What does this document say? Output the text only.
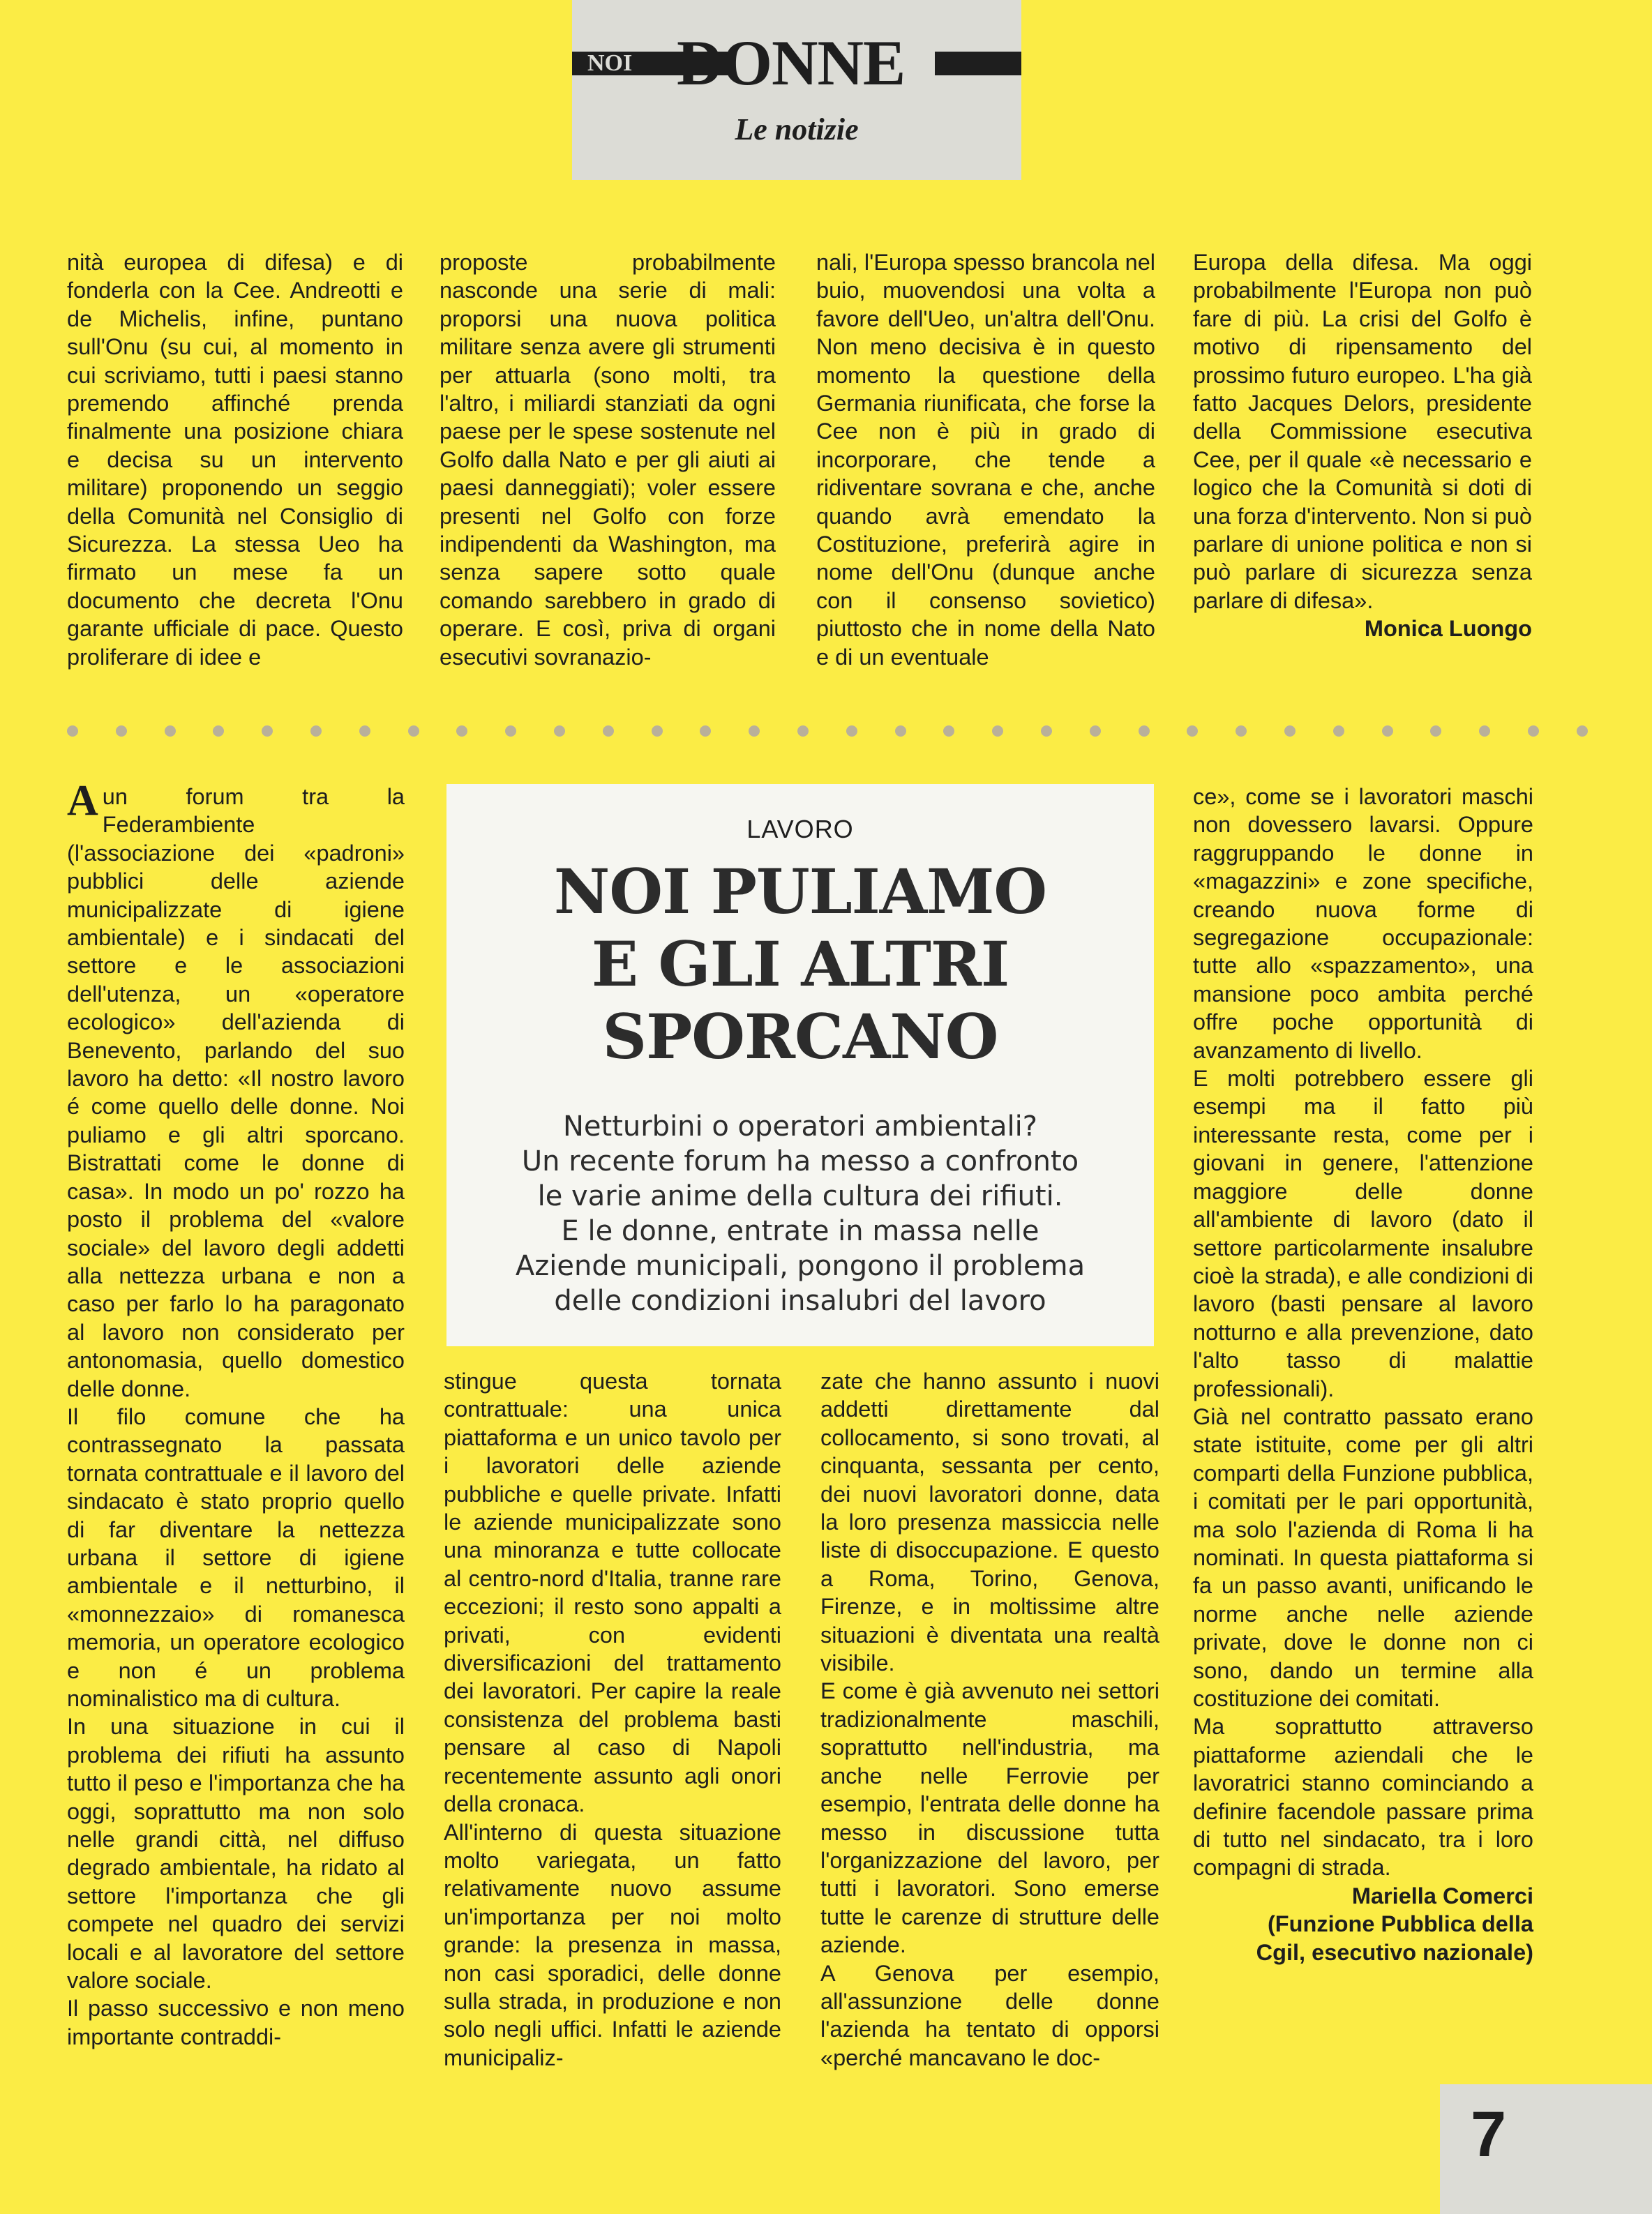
NOI DONNE
Le notizie
nità europea di difesa) e di fonderla con la Cee. Andreotti e de Michelis, infine, puntano sull'Onu (su cui, al momento in cui scriviamo, tutti i paesi stanno premendo affinché prenda finalmente una posizione chiara e decisa su un intervento militare) proponendo un seggio della Comunità nel Consiglio di Sicurezza. La stessa Ueo ha firmato un mese fa un documento che decreta l'Onu garante ufficiale di pace. Questo proliferare di idee e
proposte probabilmente nasconde una serie di mali: proporsi una nuova politica militare senza avere gli strumenti per attuarla (sono molti, tra l'altro, i miliardi stanziati da ogni paese per le spese sostenute nel Golfo dalla Nato e per gli aiuti ai paesi danneggiati); voler essere presenti nel Golfo con forze indipendenti da Washington, ma senza sapere sotto quale comando sarebbero in grado di operare. E così, priva di organi esecutivi sovranazio-
nali, l'Europa spesso brancola nel buio, muovendosi una volta a favore dell'Ueo, un'altra dell'Onu. Non meno decisiva è in questo momento la questione della Germania riunificata, che forse la Cee non è più in grado di incorporare, che tende a ridiventare sovrana e che, anche quando avrà emendato la Costituzione, preferirà agire in nome dell'Onu (dunque anche con il consenso sovietico) piuttosto che in nome della Nato e di un eventuale

Europa della difesa. Ma oggi probabilmente l'Europa non può fare di più. La crisi del Golfo è motivo di ripensamento del prossimo futuro europeo. L'ha già fatto Jacques Delors, presidente della Commissione esecutiva Cee, per il quale «è necessario e logico che la Comunità si doti di una forza d'intervento. Non si può parlare di unione politica e non si può parlare di sicurezza senza parlare di difesa».

Monica Luongo

LAVORO
NOI PULIAMO
E GLI ALTRI
SPORCANO
Netturbini o operatori ambientali?
Un recente forum ha messo a confronto
le varie anime della cultura dei rifiuti.
E le donne, entrate in massa nelle
Aziende municipali, pongono il problema
delle condizioni insalubri del lavoro

A un forum tra la Federambiente (l'associazione dei «padroni» pubblici delle aziende municipalizzate di igiene ambientale) e i sindacati del settore e le associazioni dell'utenza, un «operatore ecologico» dell'azienda di Benevento, parlando del suo lavoro ha detto: «Il nostro lavoro é come quello delle donne. Noi puliamo e gli altri sporcano. Bistrattati come le donne di casa». In modo un po' rozzo ha posto il problema del «valore sociale» del lavoro degli addetti alla nettezza urbana e non a caso per farlo lo ha paragonato al lavoro non considerato per antonomasia, quello domestico delle donne.

Il filo comune che ha contrassegnato la passata tornata contrattuale e il lavoro del sindacato è stato proprio quello di far diventare la nettezza urbana il settore di igiene ambientale e il netturbino, il «monnezzaio» di romanesca memoria, un operatore ecologico e non é un problema nominalistico ma di cultura.

In una situazione in cui il problema dei rifiuti ha assunto tutto il peso e l'importanza che ha oggi, soprattutto ma non solo nelle grandi città, nel diffuso degrado ambientale, ha ridato al settore l'importanza che gli compete nel quadro dei servizi locali e al lavoratore del settore valore sociale.

Il passo successivo e non meno importante contraddi-

stingue questa tornata contrattuale: una unica piattaforma e un unico tavolo per i lavoratori delle aziende pubbliche e quelle private. Infatti le aziende municipalizzate sono una minoranza e tutte collocate al centro-nord d'Italia, tranne rare eccezioni; il resto sono appalti a privati, con evidenti diversificazioni del trattamento dei lavoratori. Per capire la reale consistenza del problema basti pensare al caso di Napoli recentemente assunto agli onori della cronaca.

All'interno di questa situazione molto variegata, un fatto relativamente nuovo assume un'importanza per noi molto grande: la presenza in massa, non casi sporadici, delle donne sulla strada, in produzione e non solo negli uffici. Infatti le aziende municipaliz-

zate che hanno assunto i nuovi addetti direttamente dal collocamento, si sono trovati, al cinquanta, sessanta per cento, dei nuovi lavoratori donne, data la loro presenza massiccia nelle liste di disoccupazione. E questo a Roma, Torino, Genova, Firenze, e in moltissime altre situazioni è diventata una realtà visibile.

E come è già avvenuto nei settori tradizionalmente maschili, soprattutto nell'industria, ma anche nelle Ferrovie per esempio, l'entrata delle donne ha messo in discussione tutta l'organizzazione del lavoro, per tutti i lavoratori. Sono emerse tutte le carenze di strutture delle aziende.

A Genova per esempio, all'assunzione delle donne l'azienda ha tentato di opporsi «perché mancavano le doc-

ce», come se i lavoratori maschi non dovessero lavarsi. Oppure raggruppando le donne in «magazzini» e zone specifiche, creando nuova forme di segregazione occupazionale: tutte allo «spazzamento», una mansione poco ambita perché offre poche opportunità di avanzamento di livello.

E molti potrebbero essere gli esempi ma il fatto più interessante resta, come per i giovani in genere, l'attenzione maggiore delle donne all'ambiente di lavoro (dato il settore particolarmente insalubre cioè la strada), e alle condizioni di lavoro (basti pensare al lavoro notturno e alla prevenzione, dato l'alto tasso di malattie professionali).

Già nel contratto passato erano state istituite, come per gli altri comparti della Funzione pubblica, i comitati per le pari opportunità, ma solo l'azienda di Roma li ha nominati. In questa piattaforma si fa un passo avanti, unificando le norme anche nelle aziende private, dove le donne non ci sono, dando un termine alla costituzione dei comitati.

Ma soprattutto attraverso piattaforme aziendali che le lavoratrici stanno cominciando a definire facendole passare prima di tutto nel sindacato, tra i loro compagni di strada.

Mariella Comerci

(Funzione Pubblica della

Cgil, esecutivo nazionale)

7
